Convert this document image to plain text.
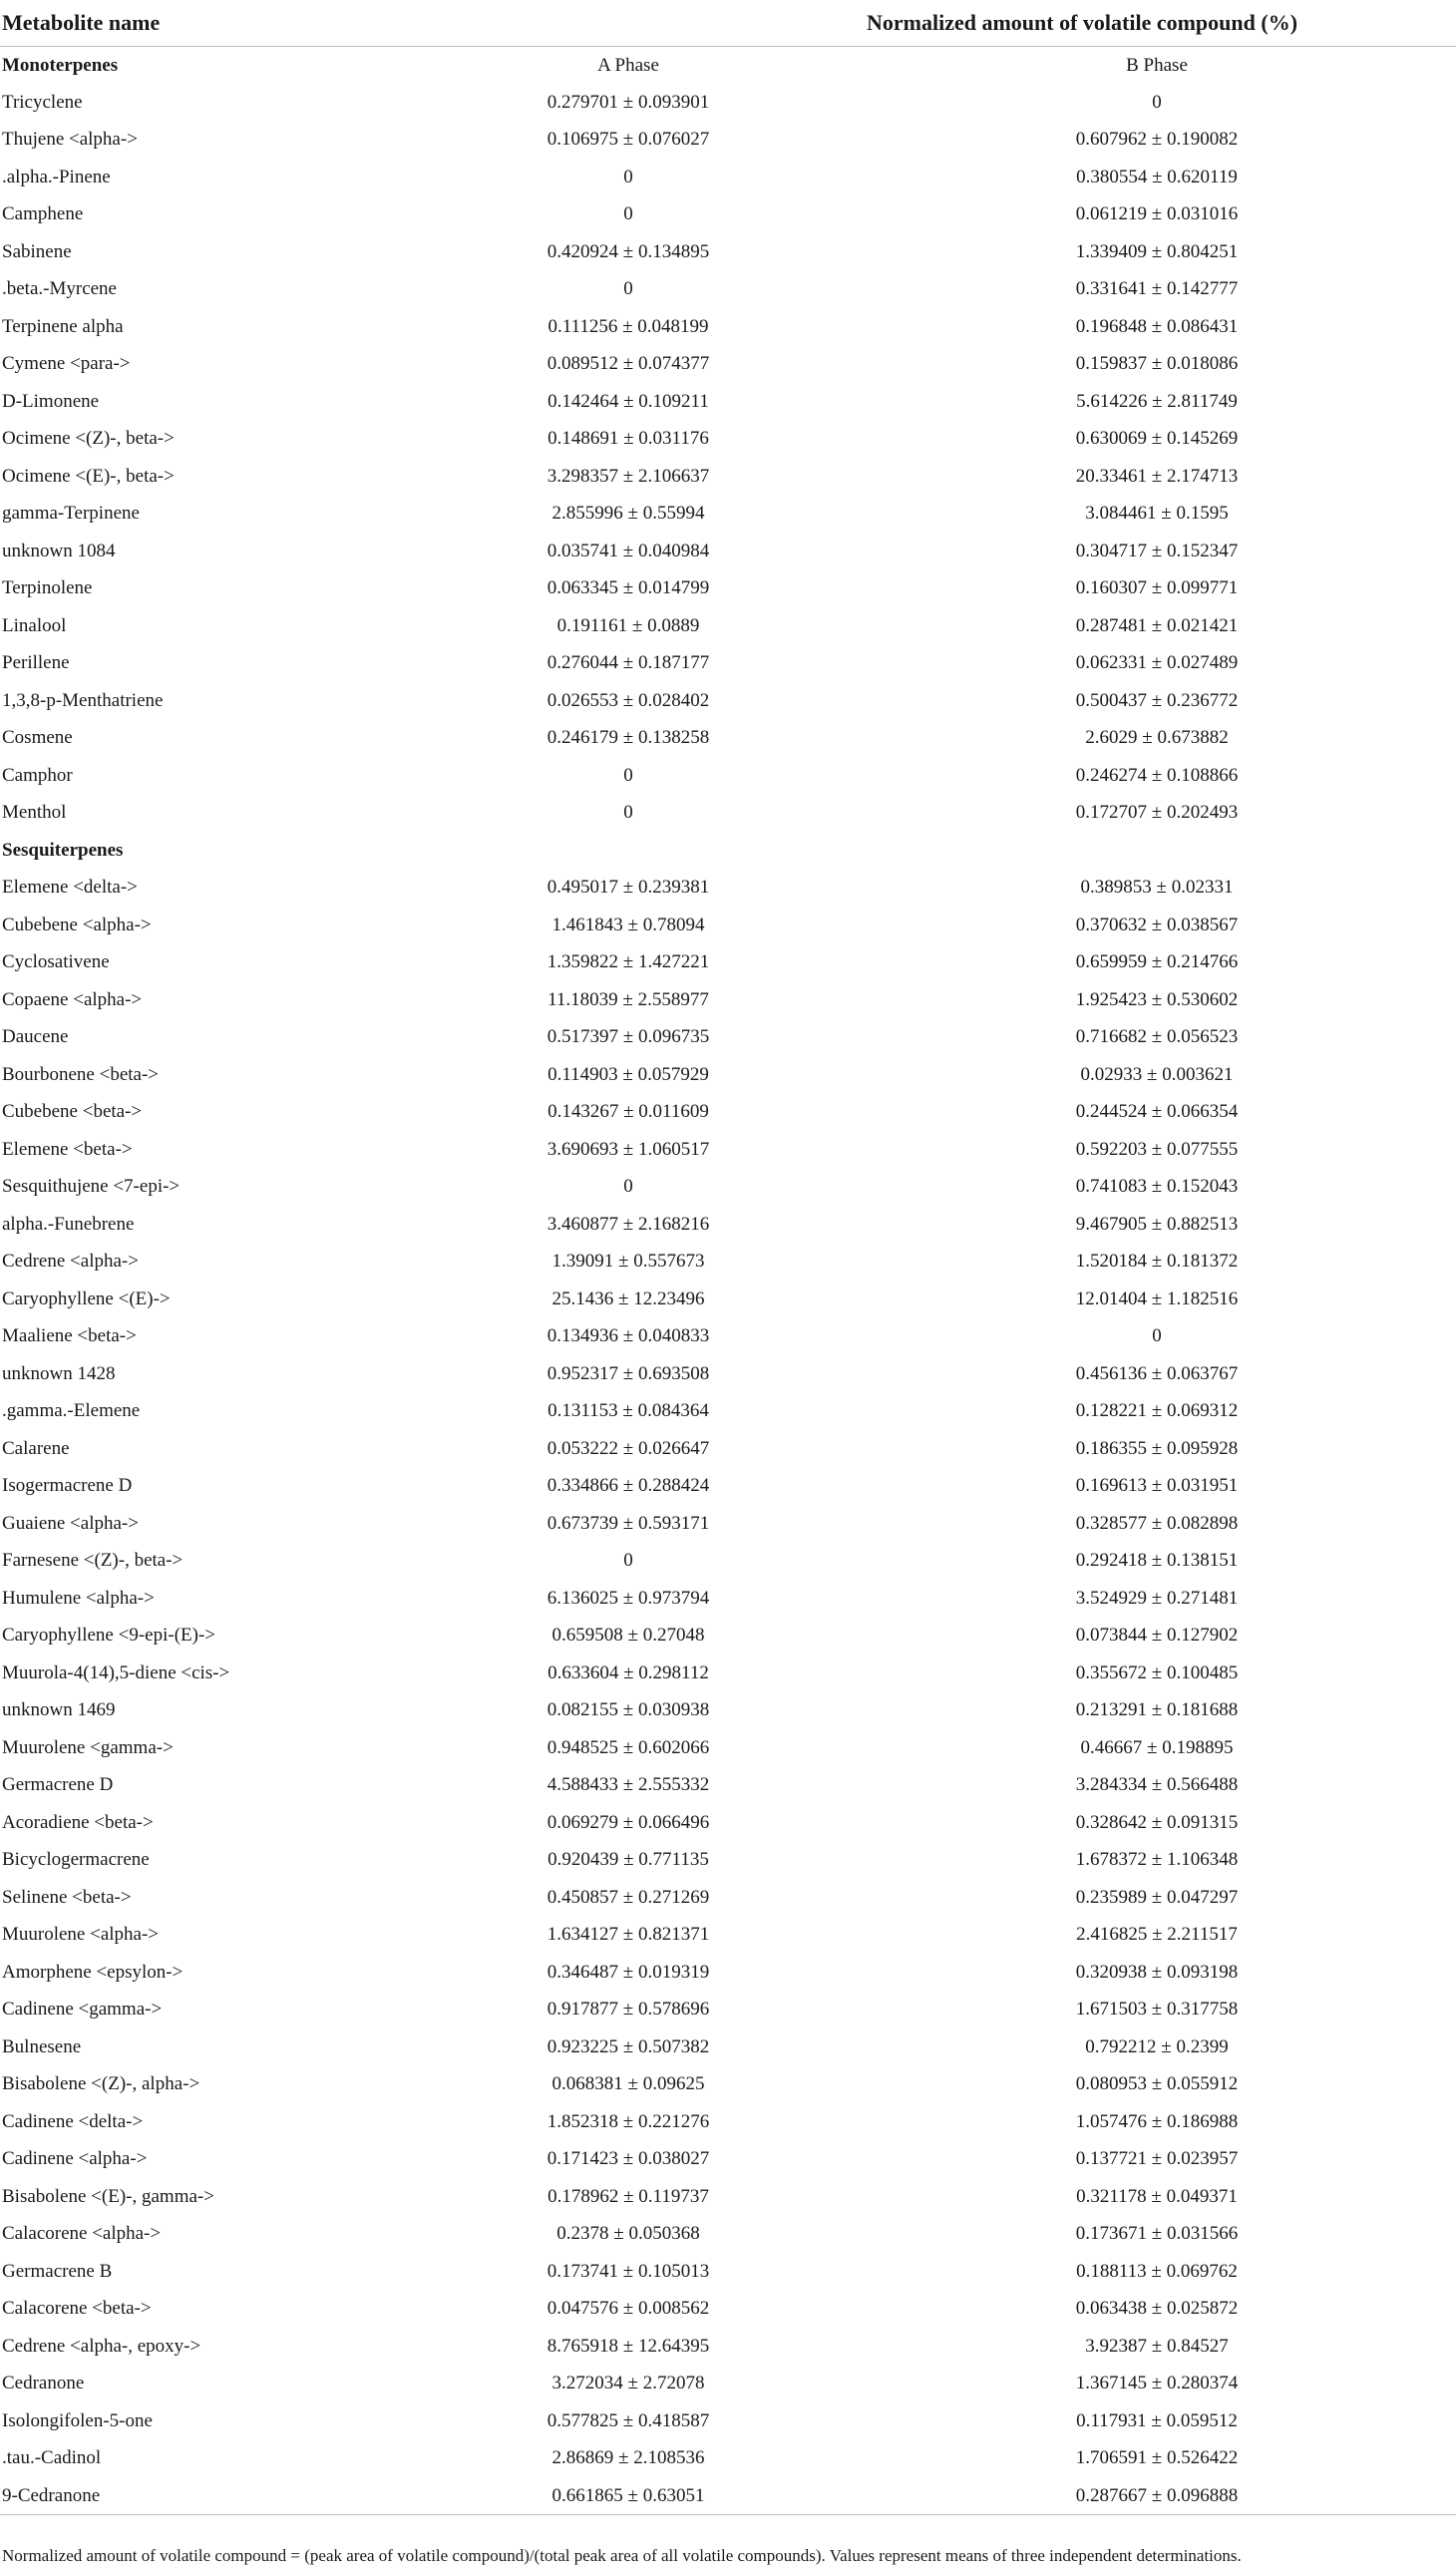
Metabolite name	Normalized amount of volatile compound (%)	
Monoterpenes	A Phase	B Phase
Tricyclene	0.279701 ± 0.093901	0
Thujene <alpha->	0.106975 ± 0.076027	0.607962 ± 0.190082
.alpha.-Pinene	0	0.380554 ± 0.620119
Camphene	0	0.061219 ± 0.031016
Sabinene	0.420924 ± 0.134895	1.339409 ± 0.804251
.beta.-Myrcene	0	0.331641 ± 0.142777
Terpinene alpha	0.111256 ± 0.048199	0.196848 ± 0.086431
Cymene <para->	0.089512 ± 0.074377	0.159837 ± 0.018086
D-Limonene	0.142464 ± 0.109211	5.614226 ± 2.811749
Ocimene <(Z)-, beta->	0.148691 ± 0.031176	0.630069 ± 0.145269
Ocimene <(E)-, beta->	3.298357 ± 2.106637	20.33461 ± 2.174713
gamma-Terpinene	2.855996 ± 0.55994	3.084461 ± 0.1595
unknown 1084	0.035741 ± 0.040984	0.304717 ± 0.152347
Terpinolene	0.063345 ± 0.014799	0.160307 ± 0.099771
Linalool	0.191161 ± 0.0889	0.287481 ± 0.021421
Perillene	0.276044 ± 0.187177	0.062331 ± 0.027489
1,3,8-p-Menthatriene	0.026553 ± 0.028402	0.500437 ± 0.236772
Cosmene	0.246179 ± 0.138258	2.6029 ± 0.673882
Camphor	0	0.246274 ± 0.108866
Menthol	0	0.172707 ± 0.202493
Sesquiterpenes		
Elemene <delta->	0.495017 ± 0.239381	0.389853 ± 0.02331
Cubebene <alpha->	1.461843 ± 0.78094	0.370632 ± 0.038567
Cyclosativene	1.359822 ± 1.427221	0.659959 ± 0.214766
Copaene <alpha->	11.18039 ± 2.558977	1.925423 ± 0.530602
Daucene	0.517397 ± 0.096735	0.716682 ± 0.056523
Bourbonene <beta->	0.114903 ± 0.057929	0.02933 ± 0.003621
Cubebene <beta->	0.143267 ± 0.011609	0.244524 ± 0.066354
Elemene <beta->	3.690693 ± 1.060517	0.592203 ± 0.077555
Sesquithujene <7-epi->	0	0.741083 ± 0.152043
alpha.-Funebrene	3.460877 ± 2.168216	9.467905 ± 0.882513
Cedrene <alpha->	1.39091 ± 0.557673	1.520184 ± 0.181372
Caryophyllene <(E)->	25.1436 ± 12.23496	12.01404 ± 1.182516
Maaliene <beta->	0.134936 ± 0.040833	0
unknown 1428	0.952317 ± 0.693508	0.456136 ± 0.063767
.gamma.-Elemene	0.131153 ± 0.084364	0.128221 ± 0.069312
Calarene	0.053222 ± 0.026647	0.186355 ± 0.095928
Isogermacrene D	0.334866 ± 0.288424	0.169613 ± 0.031951
Guaiene <alpha->	0.673739 ± 0.593171	0.328577 ± 0.082898
Farnesene <(Z)-, beta->	0	0.292418 ± 0.138151
Humulene <alpha->	6.136025 ± 0.973794	3.524929 ± 0.271481
Caryophyllene <9-epi-(E)->	0.659508 ± 0.27048	0.073844 ± 0.127902
Muurola-4(14),5-diene <cis->	0.633604 ± 0.298112	0.355672 ± 0.100485
unknown 1469	0.082155 ± 0.030938	0.213291 ± 0.181688
Muurolene <gamma->	0.948525 ± 0.602066	0.46667 ± 0.198895
Germacrene D	4.588433 ± 2.555332	3.284334 ± 0.566488
Acoradiene <beta->	0.069279 ± 0.066496	0.328642 ± 0.091315
Bicyclogermacrene	0.920439 ± 0.771135	1.678372 ± 1.106348
Selinene <beta->	0.450857 ± 0.271269	0.235989 ± 0.047297
Muurolene <alpha->	1.634127 ± 0.821371	2.416825 ± 2.211517
Amorphene <epsylon->	0.346487 ± 0.019319	0.320938 ± 0.093198
Cadinene <gamma->	0.917877 ± 0.578696	1.671503 ± 0.317758
Bulnesene	0.923225 ± 0.507382	0.792212 ± 0.2399
Bisabolene <(Z)-, alpha->	0.068381 ± 0.09625	0.080953 ± 0.055912
Cadinene <delta->	1.852318 ± 0.221276	1.057476 ± 0.186988
Cadinene <alpha->	0.171423 ± 0.038027	0.137721 ± 0.023957
Bisabolene <(E)-, gamma->	0.178962 ± 0.119737	0.321178 ± 0.049371
Calacorene <alpha->	0.2378 ± 0.050368	0.173671 ± 0.031566
Germacrene B	0.173741 ± 0.105013	0.188113 ± 0.069762
Calacorene <beta->	0.047576 ± 0.008562	0.063438 ± 0.025872
Cedrene <alpha-, epoxy->	8.765918 ± 12.64395	3.92387 ± 0.84527
Cedranone	3.272034 ± 2.72078	1.367145 ± 0.280374
Isolongifolen-5-one	0.577825 ± 0.418587	0.117931 ± 0.059512
.tau.-Cadinol	2.86869 ± 2.108536	1.706591 ± 0.526422
9-Cedranone	0.661865 ± 0.63051	0.287667 ± 0.096888
Normalized amount of volatile compound = (peak area of volatile compound)/(total peak area of all volatile compounds). Values represent means of three independent determinations.
